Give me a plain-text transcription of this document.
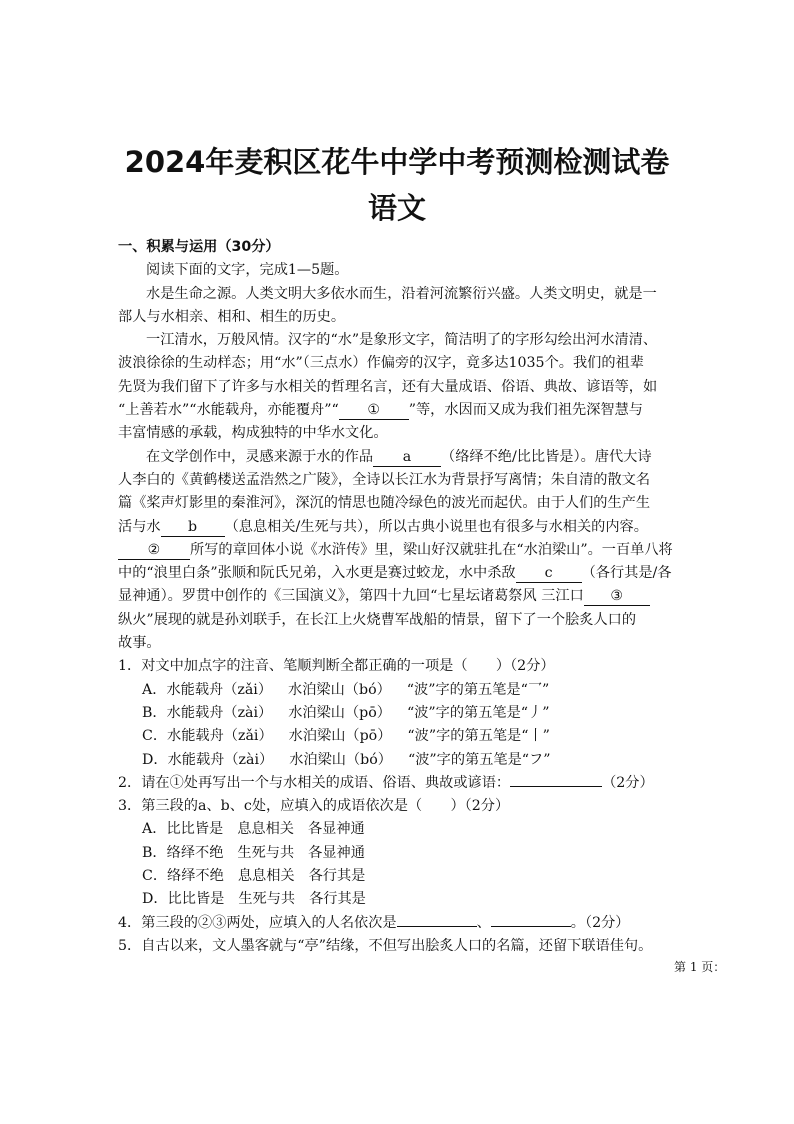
2024年麦积区花牛中学中考预测检测试卷
语文
一、积累与运用（30分）
阅读下面的文字，完成1—5题。
水是生命之源。人类文明大多依水而生，沿着河流繁衍兴盛。人类文明史，就是一
部人与水相亲、相和、相生的历史。
一江清水，万般风情。汉字的“水”是象形文字，简洁明了的字形勾绘出河水清清、
波浪徐徐的生动样态；用“水”（三点水）作偏旁的汉字，竟多达1035个。我们的祖辈
先贤为我们留下了许多与水相关的哲理名言，还有大量成语、俗语、典故、谚语等，如
“上善若水”“水能载舟，亦能覆舟”“ ① ”等，水因而又成为我们祖先深智慧与
丰富情感的承载，构成独特的中华水文化。
在文学创作中，灵感来源于水的作品 a （络绎不绝/比比皆是）。唐代大诗
人李白的《黄鹤楼送孟浩然之广陵》，全诗以长江水为背景抒写离情；朱自清的散文名
篇《桨声灯影里的秦淮河》，深沉的情思也随冷绿色的波光而起伏。由于人们的生产生
活与水 b （息息相关/生死与共），所以古典小说里也有很多与水相关的内容。
② 所写的章回体小说《水浒传》里，梁山好汉就驻扎在“水泊梁山”。一百单八将
中的“浪里白条”张顺和阮氏兄弟，入水更是赛过蛟龙，水中杀敌 c （各行其是/各
显神通）。罗贯中创作的《三国演义》，第四十九回“七星坛诸葛祭风 三江口 ③
纵火”展现的就是孙刘联手，在长江上火烧曹军战船的情景，留下了一个脍炙人口的
故事。
1．对文中加点字的注音、笔顺判断全都正确的一项是（　　）（2分）
A．水能载舟（zǎi） 水泊梁山（bó） “波”字的第五笔是“乛”
B．水能载舟（zài） 水泊梁山（pō） “波”字的第五笔是“丿”
C．水能载舟（zǎi） 水泊梁山（pō） “波”字的第五笔是“丨”
D．水能载舟（zài） 水泊梁山（bó） “波”字的第五笔是“フ”
2．请在①处再写出一个与水相关的成语、俗语、典故或谚语：	（2分）
3．第三段的a、b、c处，应填入的成语依次是（　　）（2分）
A．比比皆是 息息相关 各显神通
B．络绎不绝 生死与共 各显神通
C．络绎不绝 息息相关 各行其是
D．比比皆是 生死与共 各行其是
4．第三段的②③两处，应填入的人名依次是	、	。（2分）
5．自古以来，文人墨客就与“亭”结缘，不但写出脍炙人口的名篇，还留下联语佳句。
第 1 页：
